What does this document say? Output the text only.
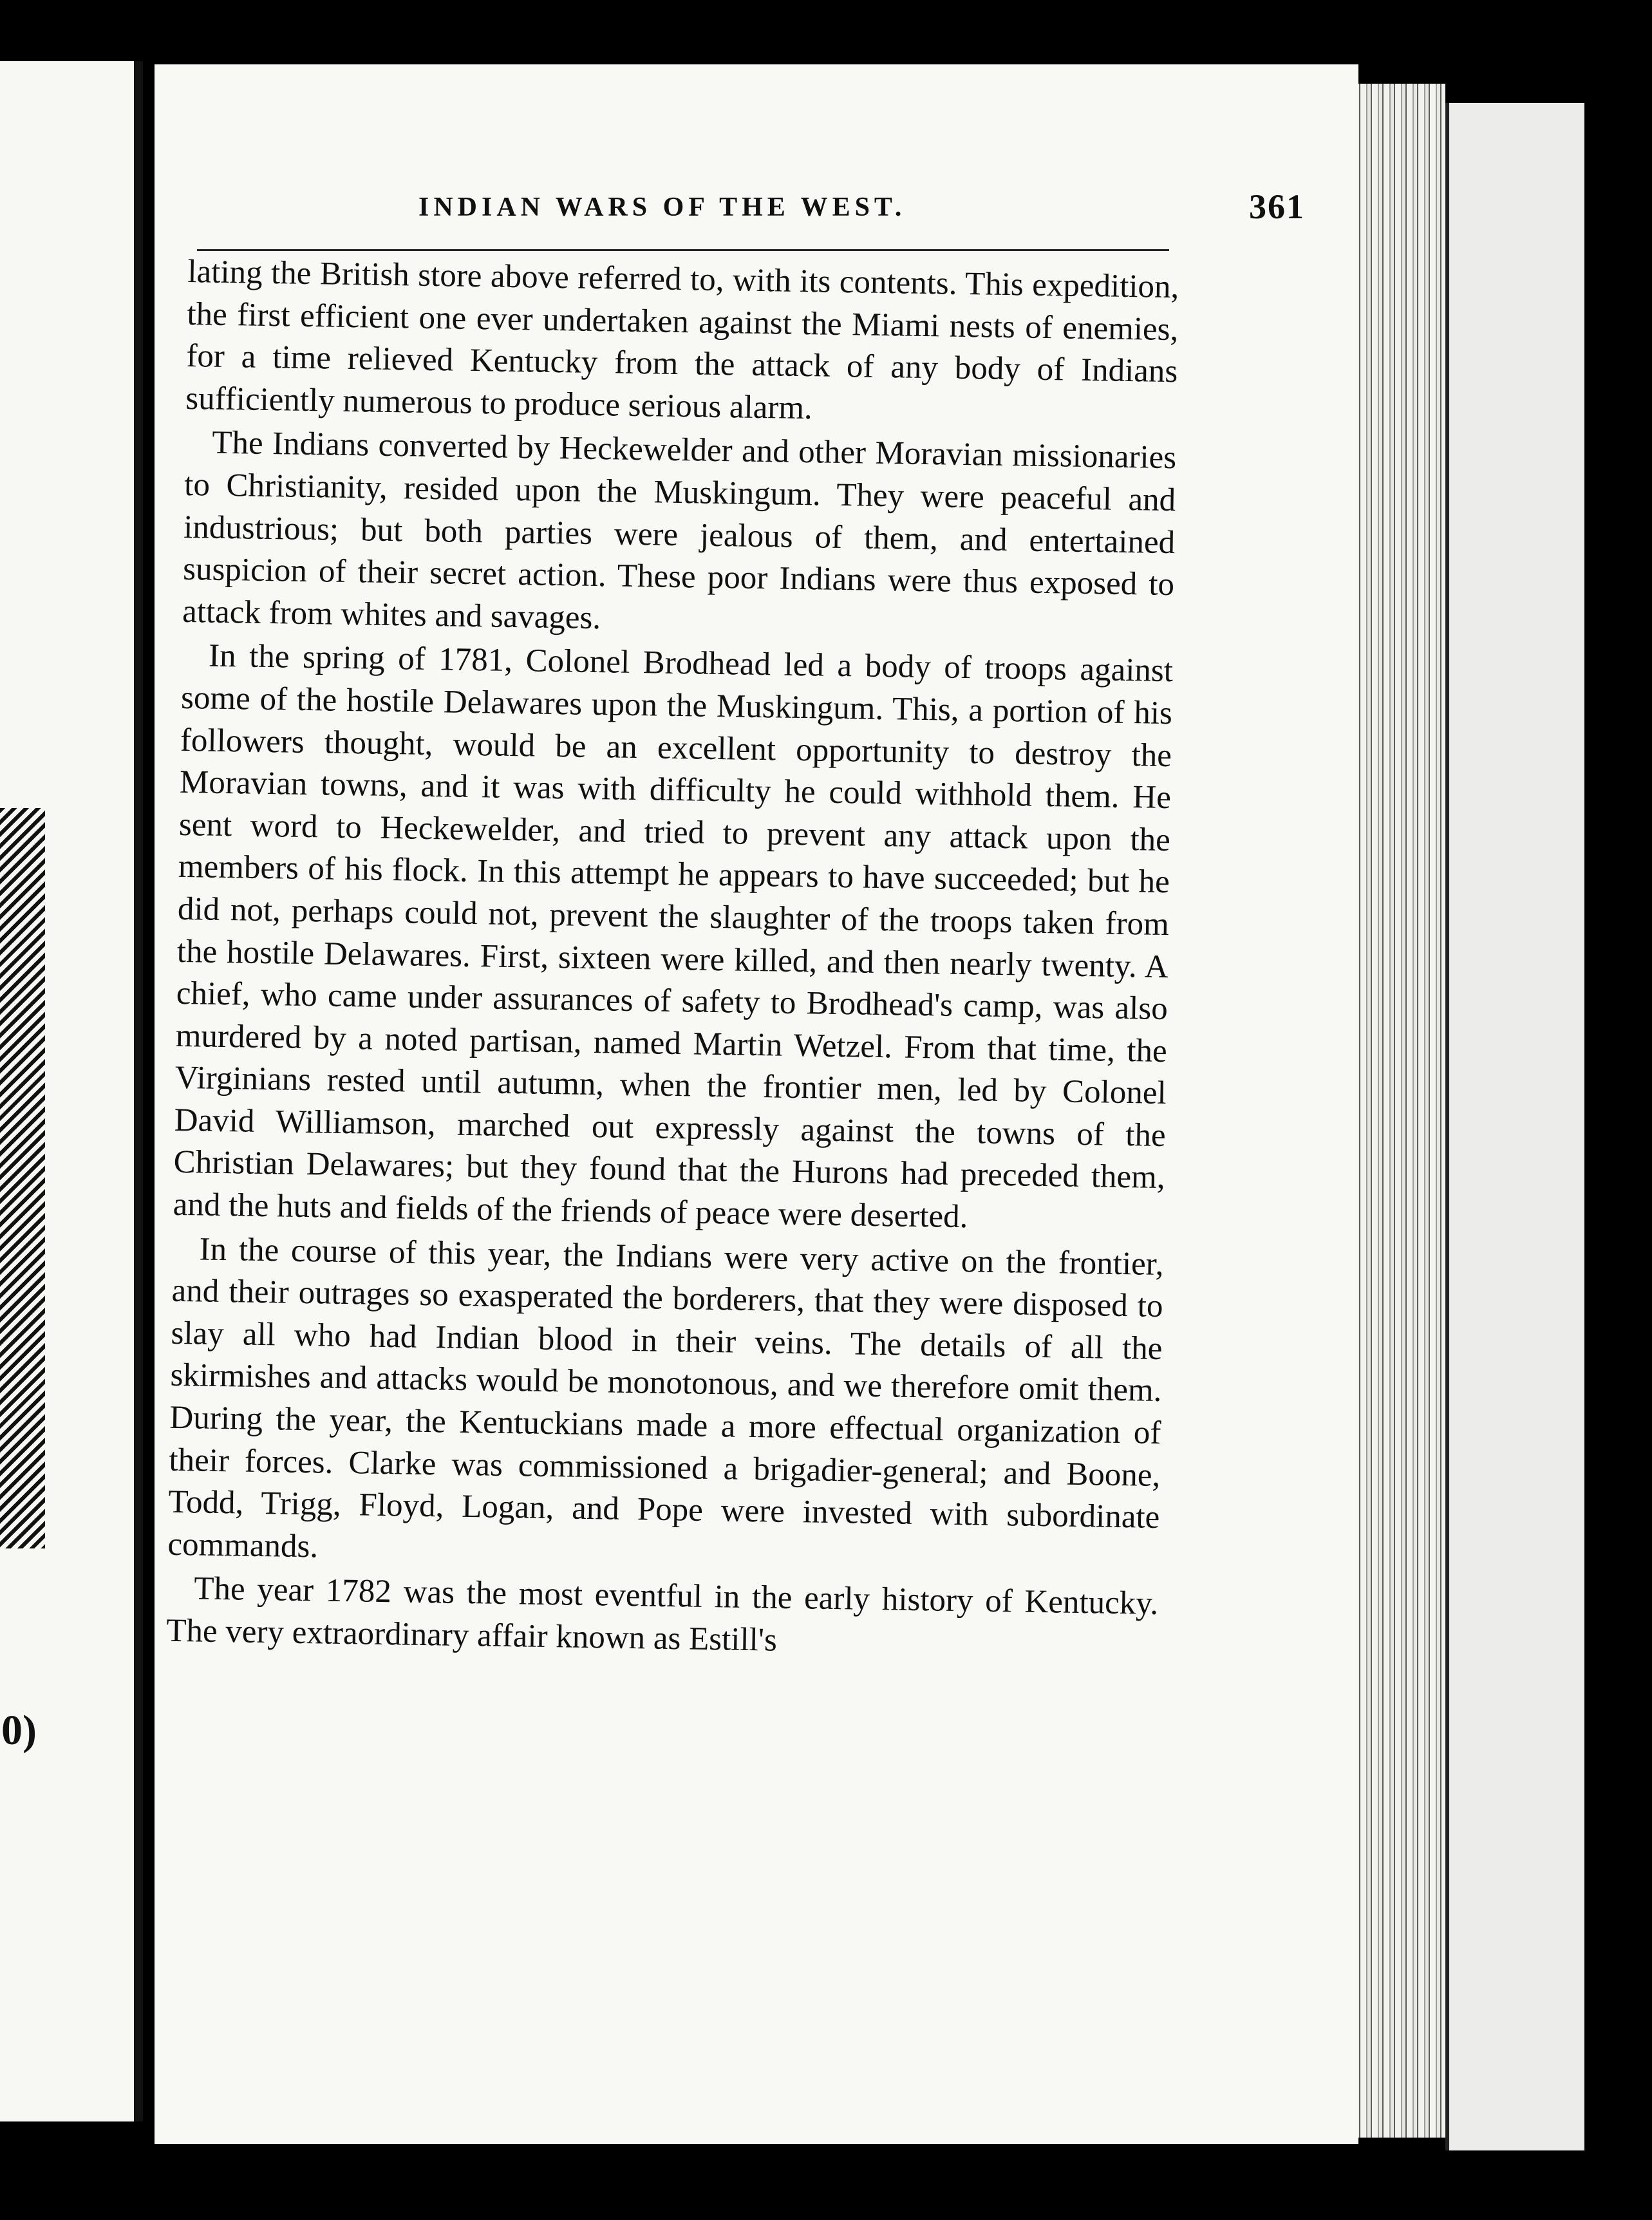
0)
INDIAN WARS OF THE WEST.	361

lating the British store above referred to, with its contents. This expedition, the first efficient one ever undertaken against the Miami nests of enemies, for a time relieved Kentucky from the attack of any body of Indians sufficiently numerous to produce serious alarm.

The Indians converted by Heckewelder and other Moravian missionaries to Christianity, resided upon the Muskingum. They were peaceful and industrious; but both parties were jealous of them, and entertained suspicion of their secret action. These poor Indians were thus exposed to attack from whites and savages.

In the spring of 1781, Colonel Brodhead led a body of troops against some of the hostile Delawares upon the Muskingum. This, a portion of his followers thought, would be an excellent opportunity to destroy the Moravian towns, and it was with difficulty he could withhold them. He sent word to Heckewelder, and tried to prevent any attack upon the members of his flock. In this attempt he appears to have succeeded; but he did not, perhaps could not, prevent the slaughter of the troops taken from the hostile Delawares. First, sixteen were killed, and then nearly twenty. A chief, who came under assurances of safety to Brodhead's camp, was also murdered by a noted partisan, named Martin Wetzel. From that time, the Virginians rested until autumn, when the frontier men, led by Colonel David Williamson, marched out expressly against the towns of the Christian Delawares; but they found that the Hurons had preceded them, and the huts and fields of the friends of peace were deserted.

In the course of this year, the Indians were very active on the frontier, and their outrages so exasperated the borderers, that they were disposed to slay all who had Indian blood in their veins. The details of all the skirmishes and attacks would be monotonous, and we therefore omit them. During the year, the Kentuckians made a more effectual organization of their forces. Clarke was commissioned a brigadier-general; and Boone, Todd, Trigg, Floyd, Logan, and Pope were invested with subordinate commands.

The year 1782 was the most eventful in the early history of Kentucky. The very extraordinary affair known as Estill's
